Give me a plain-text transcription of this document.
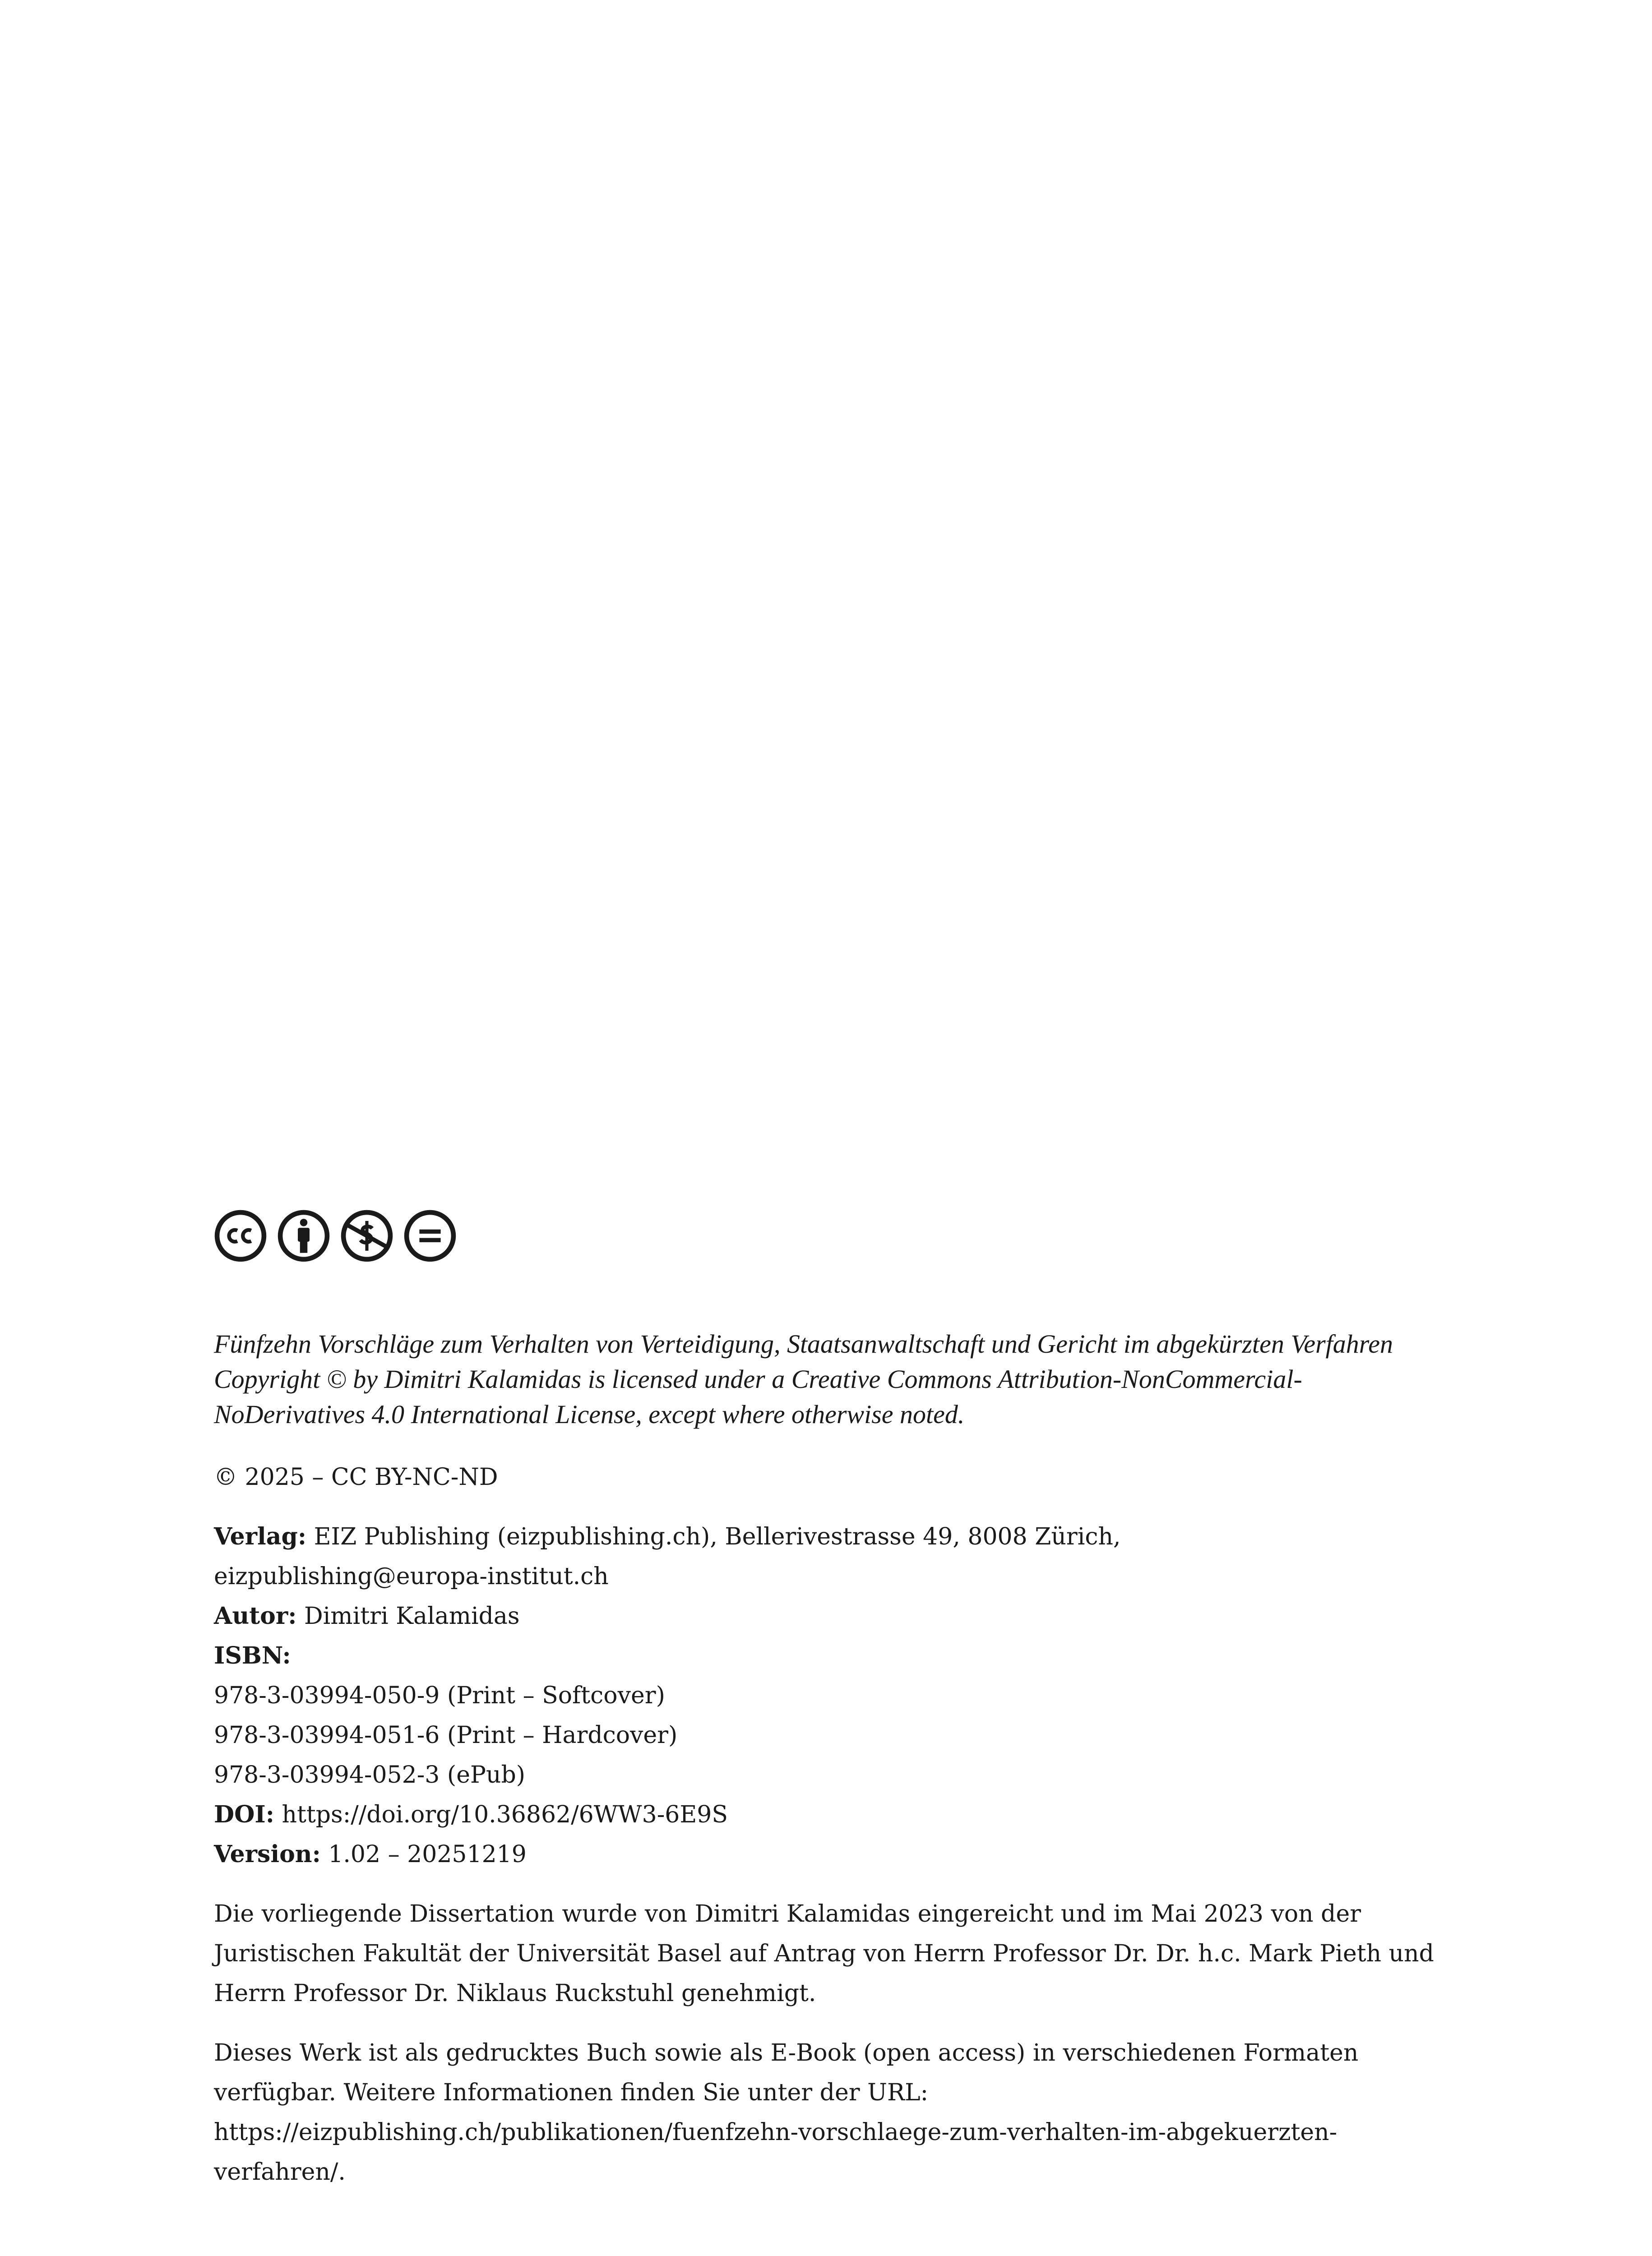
Fünfzehn Vorschläge zum Verhalten von Verteidigung, Staatsanwaltschaft und Gericht im abgekürzten Verfahren Copyright © by Dimitri Kalamidas is licensed under a Creative Commons Attribution-NonCommercial-NoDerivatives 4.0 International License, except where otherwise noted.

© 2025 – CC BY-NC-ND

Verlag: EIZ Publishing (eizpublishing.ch), Bellerivestrasse 49, 8008 Zürich,
eizpublishing@europa-institut.ch
Autor: Dimitri Kalamidas
ISBN:
978-3-03994-050-9 (Print – Softcover)
978-3-03994-051-6 (Print – Hardcover)
978-3-03994-052-3 (ePub)
DOI: https://doi.org/10.36862/6WW3-6E9S
Version: 1.02 – 20251219

Die vorliegende Dissertation wurde von Dimitri Kalamidas eingereicht und im Mai 2023 von der Juristischen Fakultät der Universität Basel auf Antrag von Herrn Professor Dr. Dr. h.c. Mark Pieth und Herrn Professor Dr. Niklaus Ruckstuhl genehmigt.

Dieses Werk ist als gedrucktes Buch sowie als E-Book (open access) in verschiedenen Formaten verfügbar. Weitere Informationen finden Sie unter der URL: https://eizpublishing.ch/publikationen/fuenfzehn-vorschlaege-zum-verhalten-im-abgekuerzten-verfahren/.
